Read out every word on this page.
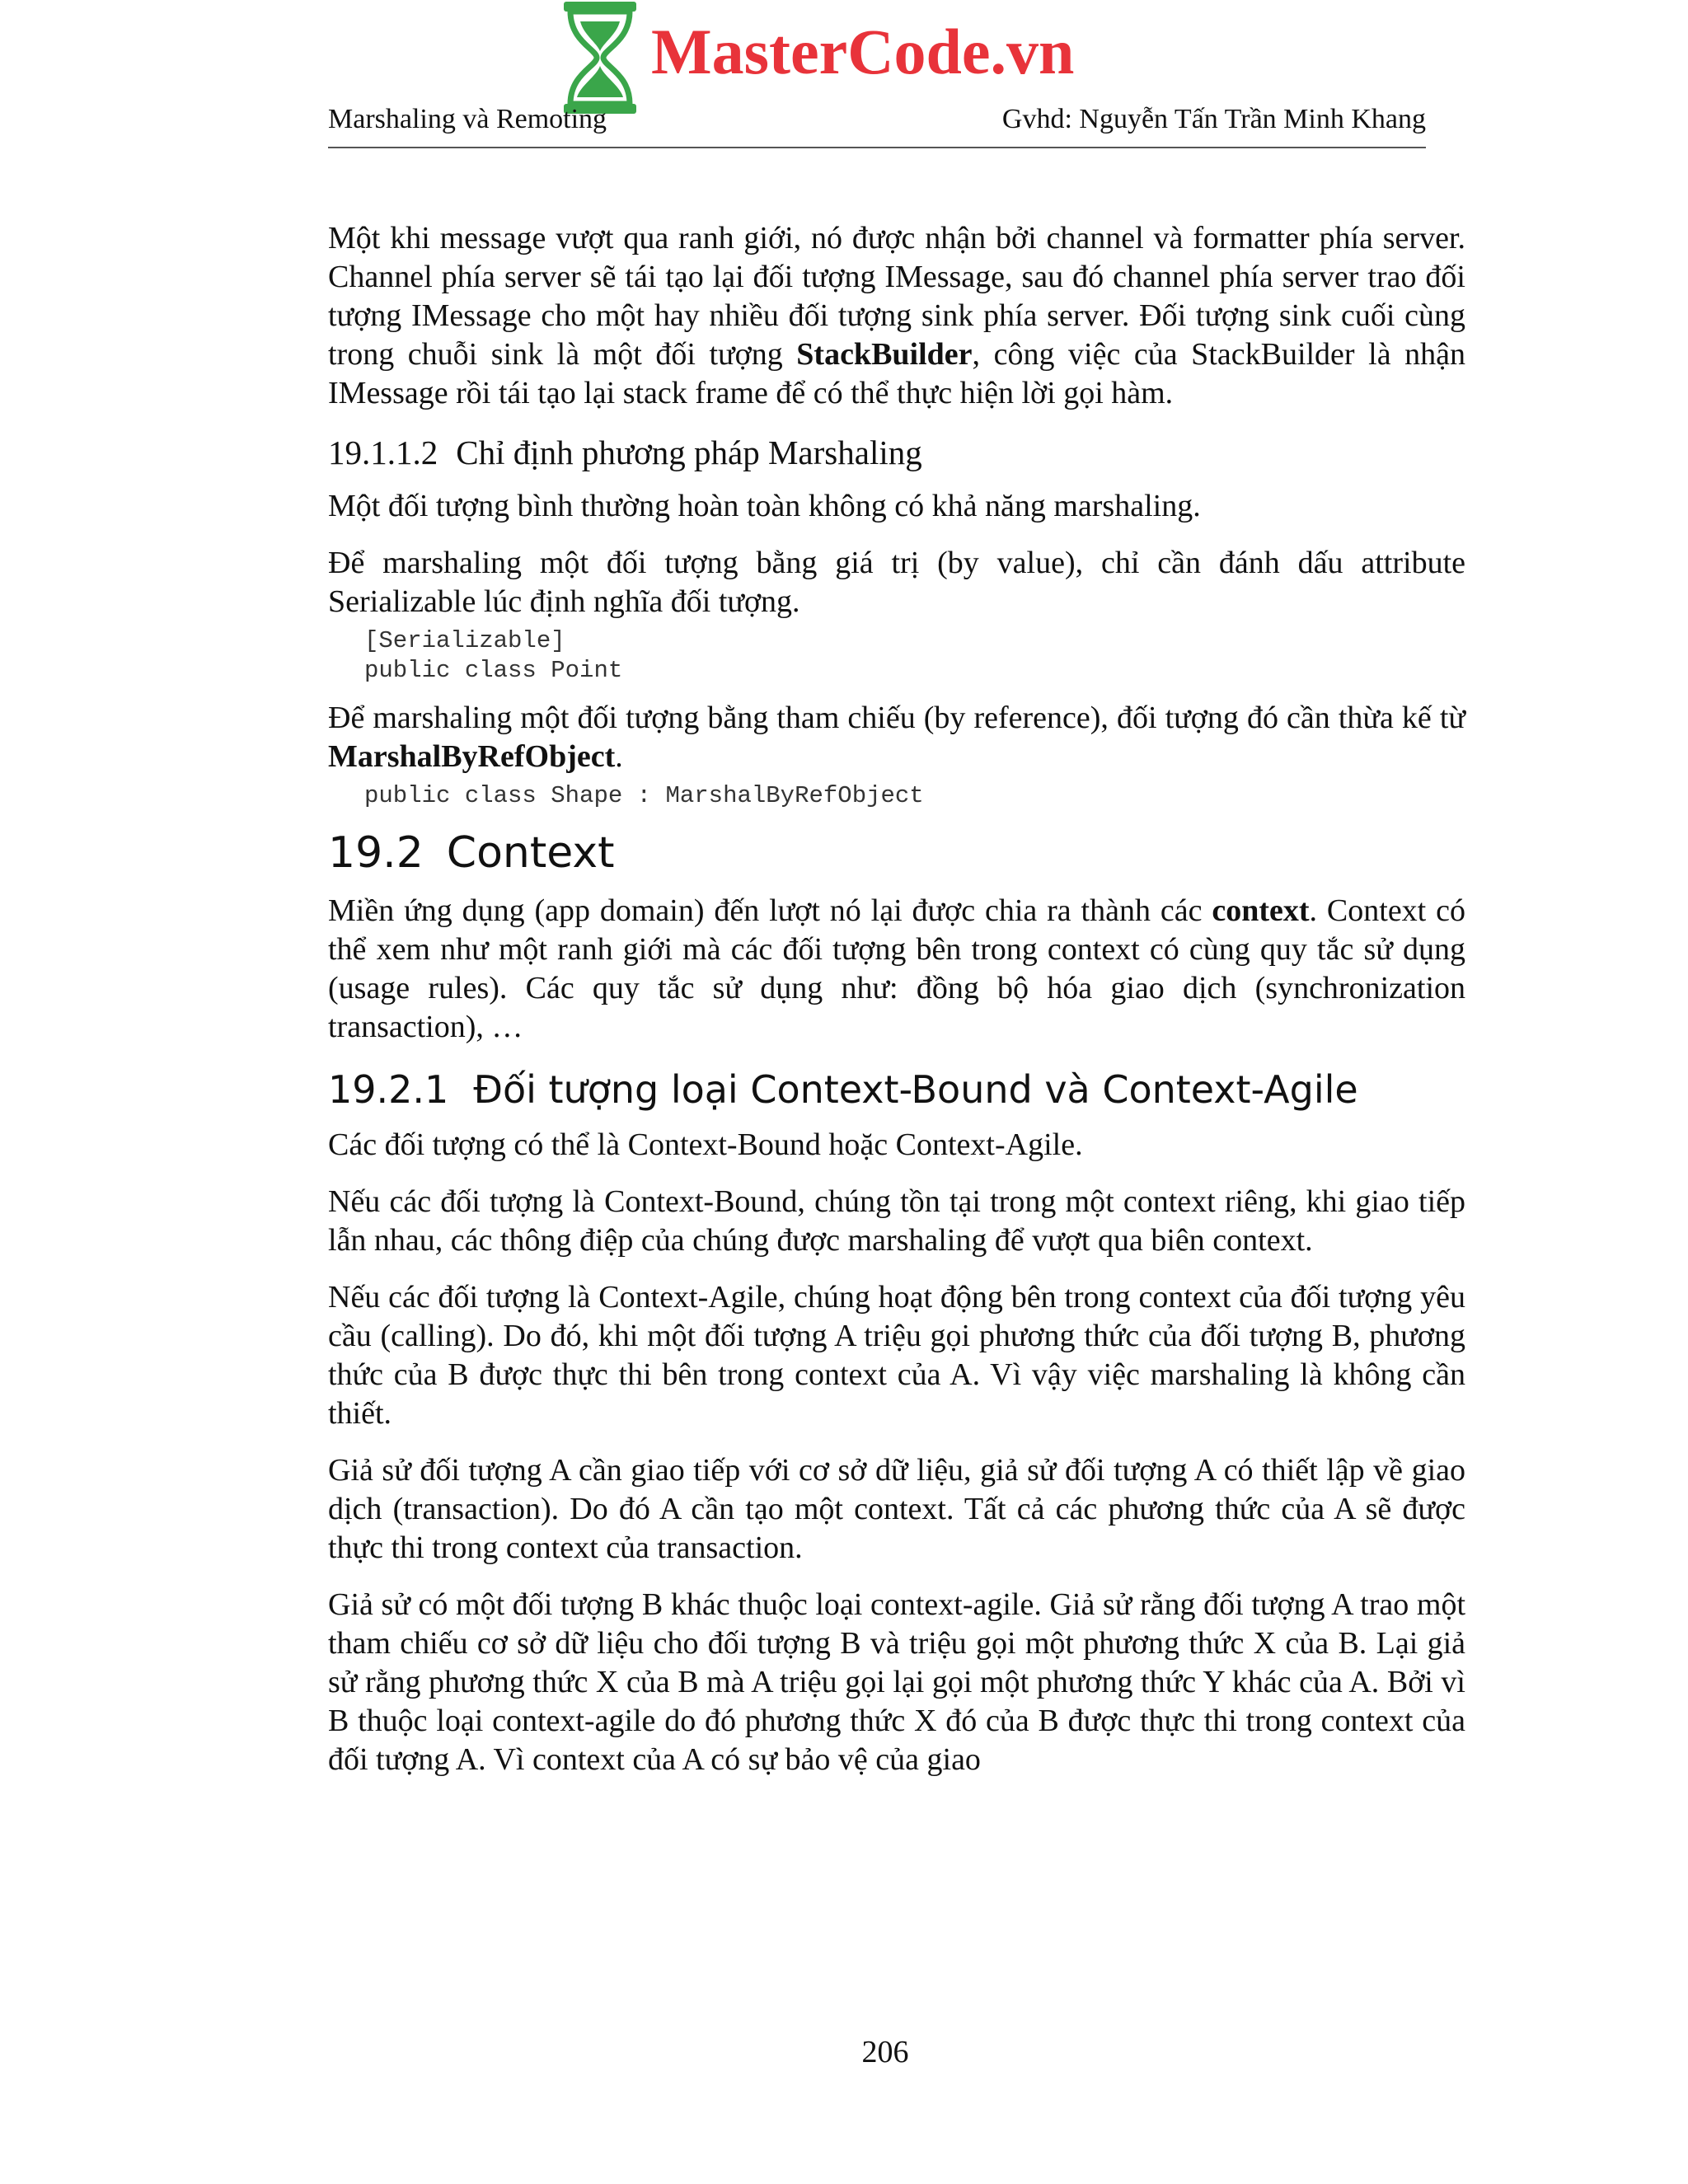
MasterCode.vn
Marshaling và Remoting	Gvhd: Nguyễn Tấn Trần Minh Khang

Một khi message vượt qua ranh giới, nó được nhận bởi channel và formatter phía server. Channel phía server sẽ tái tạo lại đối tượng IMessage, sau đó channel phía server trao đối tượng IMessage cho một hay nhiều đối tượng sink phía server. Đối tượng sink cuối cùng trong chuỗi sink là một đối tượng StackBuilder, công việc của StackBuilder là nhận IMessage rồi tái tạo lại stack frame để có thể thực hiện lời gọi hàm.

19.1.1.2 Chỉ định phương pháp Marshaling

Một đối tượng bình thường hoàn toàn không có khả năng marshaling.

Để marshaling một đối tượng bằng giá trị (by value), chỉ cần đánh dấu attribute Serializable lúc định nghĩa đối tượng.

[Serializable]
public class Point

Để marshaling một đối tượng bằng tham chiếu (by reference), đối tượng đó cần thừa kế từ MarshalByRefObject.

public class Shape : MarshalByRefObject
19.2 Context

Miền ứng dụng (app domain) đến lượt nó lại được chia ra thành các context. Context có thể xem như một ranh giới mà các đối tượng bên trong context có cùng quy tắc sử dụng (usage rules). Các quy tắc sử dụng như: đồng bộ hóa giao dịch (synchronization transaction), …

19.2.1 Đối tượng loại Context-Bound và Context-Agile

Các đối tượng có thể là Context-Bound hoặc Context-Agile.

Nếu các đối tượng là Context-Bound, chúng tồn tại trong một context riêng, khi giao tiếp lẫn nhau, các thông điệp của chúng được marshaling để vượt qua biên context.

Nếu các đối tượng là Context-Agile, chúng hoạt động bên trong context của đối tượng yêu cầu (calling). Do đó, khi một đối tượng A triệu gọi phương thức của đối tượng B, phương thức của B được thực thi bên trong context của A. Vì vậy việc marshaling là không cần thiết.

Giả sử đối tượng A cần giao tiếp với cơ sở dữ liệu, giả sử đối tượng A có thiết lập về giao dịch (transaction). Do đó A cần tạo một context. Tất cả các phương thức của A sẽ được thực thi trong context của transaction.

Giả sử có một đối tượng B khác thuộc loại context-agile. Giả sử rằng đối tượng A trao một tham chiếu cơ sở dữ liệu cho đối tượng B và triệu gọi một phương thức X của B. Lại giả sử rằng phương thức X của B mà A triệu gọi lại gọi một phương thức Y khác của A. Bởi vì B thuộc loại context-agile do đó phương thức X đó của B được thực thi trong context của đối tượng A. Vì context của A có sự bảo vệ của giao

206
